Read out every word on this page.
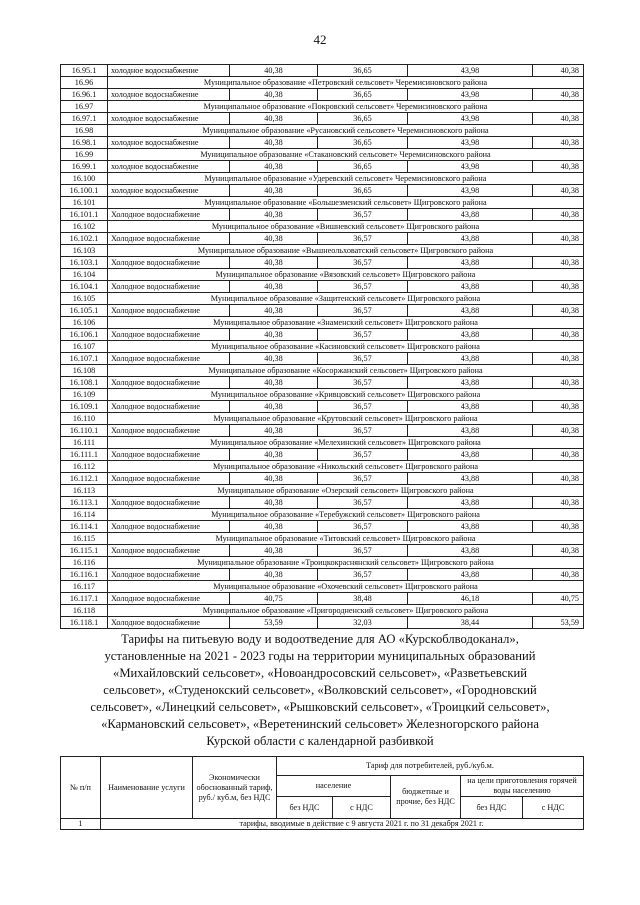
42
16.95.1	холодное водоснабжение	40,38	36,65	43,98	40,38
16.96	Муниципальное образование «Петровский сельсовет» Черемисиновского района				
16.96.1	холодное водоснабжение	40,38	36,65	43,98	40,38
16.97	Муниципальное образование «Покровский сельсовет» Черемисиновского района				
16.97.1	холодное водоснабжение	40,38	36,65	43,98	40,38
16.98	Муниципальное образование «Русановский сельсовет» Черемисиновского района				
16.98.1	холодное водоснабжение	40,38	36,65	43,98	40,38
16.99	Муниципальное образование «Стакановский сельсовет» Черемисиновского района				
16.99.1	холодное водоснабжение	40,38	36,65	43,98	40,38
16.100	Муниципальное образование «Удеревский сельсовет» Черемисиновского района				
16.100.1	холодное водоснабжение	40,38	36,65	43,98	40,38
16.101	Муниципальное образование «Большезменский сельсовет» Щигровского района				
16.101.1	Холодное водоснабжение	40,38	36,57	43,88	40,38
16.102	Муниципальное образование «Вишневский сельсовет» Щигровского района				
16.102.1	Холодное водоснабжение	40,38	36,57	43,88	40,38
16.103	Муниципальное образование «Вышнеольховатский сельсовет» Щигровского района				
16.103.1	Холодное водоснабжение	40,38	36,57	43,88	40,38
16.104	Муниципальное образование «Вязовский сельсовет» Щигровского района				
16.104.1	Холодное водоснабжение	40,38	36,57	43,88	40,38
16.105	Муниципальное образование «Защитенский сельсовет» Щигровского района				
16.105.1	Холодное водоснабжение	40,38	36,57	43,88	40,38
16.106	Муниципальное образование «Знаменский сельсовет» Щигровского района				
16.106.1	Холодное водоснабжение	40,38	36,57	43,88	40,38
16.107	Муниципальное образование «Касиновский сельсовет» Щигровского района				
16.107.1	Холодное водоснабжение	40,38	36,57	43,88	40,38
16.108	Муниципальное образование «Косоржанский сельсовет» Щигровского района				
16.108.1	Холодное водоснабжение	40,38	36,57	43,88	40,38
16.109	Муниципальное образование «Кривцовский сельсовет» Щигровского района				
16.109.1	Холодное водоснабжение	40,38	36,57	43,88	40,38
16.110	Муниципальное образование «Крутовский сельсовет» Щигровского района				
16.110.1	Холодное водоснабжение	40,38	36,57	43,88	40,38
16.111	Муниципальное образование «Мелехинский сельсовет» Щигровского района				
16.111.1	Холодное водоснабжение	40,38	36,57	43,88	40,38
16.112	Муниципальное образование «Никольский сельсовет» Щигровского района				
16.112.1	Холодное водоснабжение	40,38	36,57	43,88	40,38
16.113	Муниципальное образование «Озерский сельсовет» Щигровского района				
16.113.1	Холодное водоснабжение	40,38	36,57	43,88	40,38
16.114	Муниципальное образование «Теребужский сельсовет» Щигровского района				
16.114.1	Холодное водоснабжение	40,38	36,57	43,88	40,38
16.115	Муниципальное образование «Титовский сельсовет» Щигровского района				
16.115.1	Холодное водоснабжение	40,38	36,57	43,88	40,38
16.116	Муниципальное образование «Троицкокраснянский сельсовет» Щигровского района				
16.116.1	Холодное водоснабжение	40,38	36,57	43,88	40,38
16.117	Муниципальное образование «Охочевский сельсовет» Щигровского района				
16.117.1	Холодное водоснабжение	40,75	38,48	46,18	40,75
16.118	Муниципальное образование «Пригородненский сельсовет» Щигровского района				
16.118.1	Холодное водоснабжение	53,59	32,03	38,44	53,59
Тарифы на питьевую воду и водоотведение для АО «Курскоблводоканал»,
установленные на 2021 - 2023 годы на территории муниципальных образований
«Михайловский сельсовет», «Новоандросовский сельсовет», «Разветьевский
сельсовет», «Студенокский сельсовет», «Волковский сельсовет», «Городновский
сельсовет», «Линецкий сельсовет», «Рышковский сельсовет», «Троицкий сельсовет»,
«Кармановский сельсовет», «Веретенинский сельсовет» Железногорского района
Курской области с календарной разбивкой
№ п/п	Наименование услуги	Экономически обоснованный тариф, руб./ куб.м, без НДС	Тариф для потребителей, руб./куб.м.				
			население		бюджетные и прочие, без НДС	на цели приготовления горячей воды населению	
			без НДС	с НДС		без НДС	с НДС
1	тарифы, вводимые в действие с 9 августа 2021 г. по 31 декабря 2021 г.						
